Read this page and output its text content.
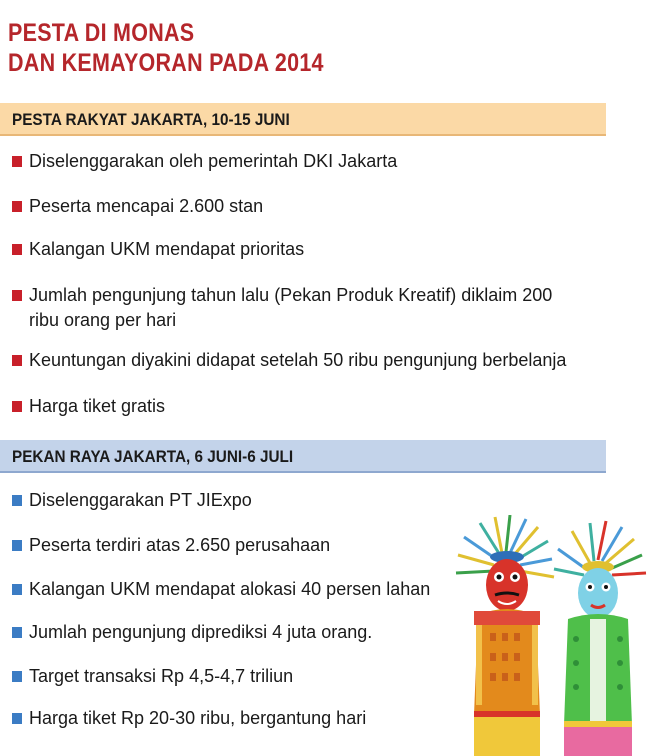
PESTA DI MONAS
DAN KEMAYORAN PADA 2014
PESTA RAKYAT JAKARTA, 10-15 JUNI
Diselenggarakan oleh pemerintah DKI Jakarta
Peserta mencapai 2.600 stan
Kalangan UKM mendapat prioritas
Jumlah pengunjung tahun lalu (Pekan Produk Kreatif) diklaim 200
ribu orang per hari
Keuntungan diyakini didapat setelah 50 ribu pengunjung berbelanja
Harga tiket gratis
PEKAN RAYA JAKARTA, 6 JUNI-6 JULI
Diselenggarakan PT JIExpo
Peserta terdiri atas 2.650 perusahaan
Kalangan UKM mendapat alokasi 40 persen lahan
Jumlah pengunjung diprediksi 4 juta orang.
Target transaksi Rp 4,5-4,7 triliun
Harga tiket Rp 20-30 ribu, bergantung hari
